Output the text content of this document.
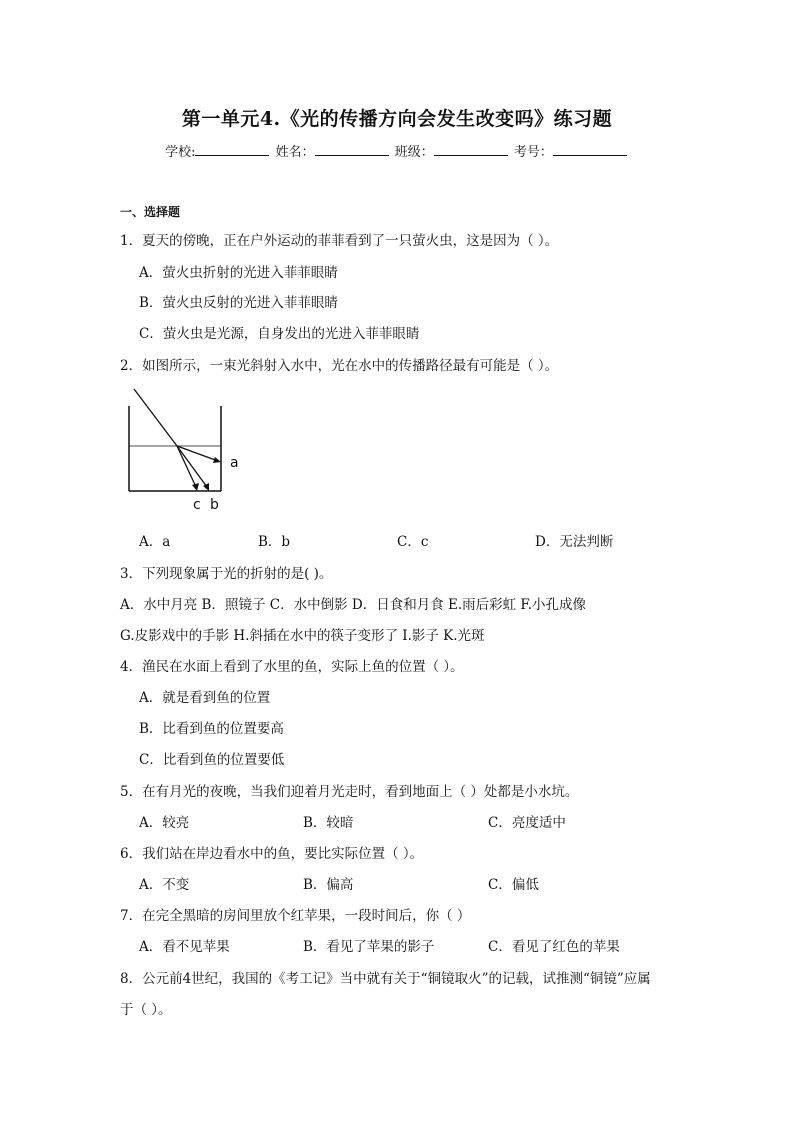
第一单元4.《光的传播方向会发生改变吗》练习题
学校:	姓名：	班级：	考号：
一、选择题
1．夏天的傍晚，正在户外运动的菲菲看到了一只萤火虫，这是因为（ ）。
A．萤火虫折射的光进入菲菲眼睛
B．萤火虫反射的光进入菲菲眼睛
C．萤火虫是光源，自身发出的光进入菲菲眼睛
2．如图所示，一束光斜射入水中，光在水中的传播路径最有可能是（ ）。
a
c b
A．a	B．b	C．c	D．无法判断
3．下列现象属于光的折射的是( )。
A．水中月亮 B．照镜子 C．水中倒影 D．日食和月食 E.雨后彩虹 F.小孔成像
G.皮影戏中的手影 H.斜插在水中的筷子变形了 I.影子 K.光斑
4．渔民在水面上看到了水里的鱼，实际上鱼的位置（ ）。
A．就是看到鱼的位置
B．比看到鱼的位置要高
C．比看到鱼的位置要低
5．在有月光的夜晚，当我们迎着月光走时，看到地面上（ ）处都是小水坑。
A．较亮	B．较暗	C．亮度适中
6．我们站在岸边看水中的鱼，要比实际位置（ ）。
A．不变	B．偏高	C．偏低
7．在完全黑暗的房间里放个红苹果，一段时间后，你（ ）
A．看不见苹果	B．看见了苹果的影子	C．看见了红色的苹果
8．公元前4世纪，我国的《考工记》当中就有关于“铜镜取火”的记载，试推测“铜镜”应属
于（ ）。
